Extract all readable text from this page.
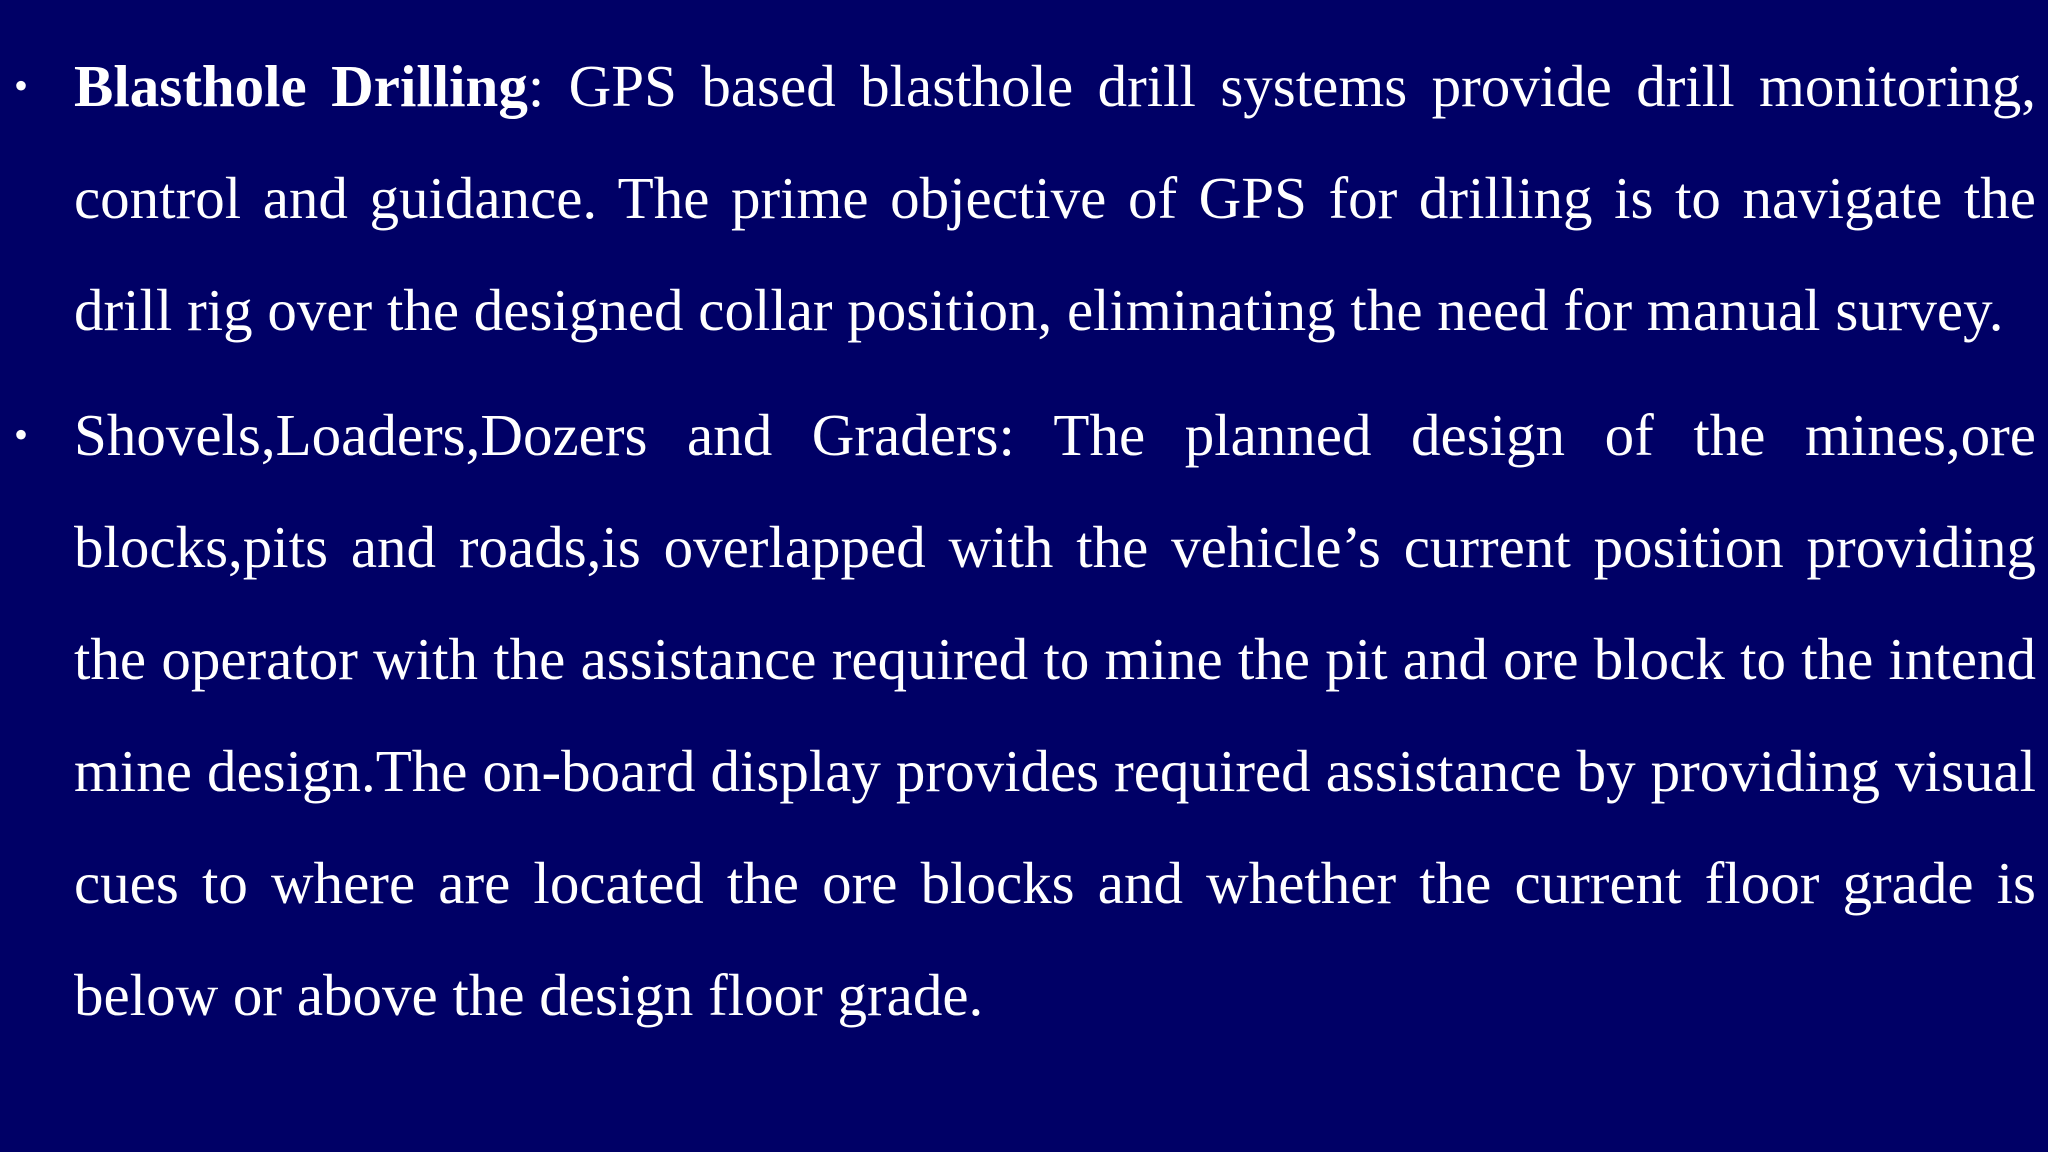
• Blasthole Drilling: GPS based blasthole drill systems provide drill monitoring, control and guidance. The prime objective of GPS for drilling is to navigate the drill rig over the designed collar position, eliminating the need for manual survey.
• Shovels,Loaders,Dozers and Graders: The planned design of the mines,ore blocks,pits and roads,is overlapped with the vehicle’s current position providing the operator with the assistance required to mine the pit and ore block to the intend mine design.The on-board display provides required assistance by providing visual cues to where are located the ore blocks and whether the current floor grade is below or above the design floor grade.
